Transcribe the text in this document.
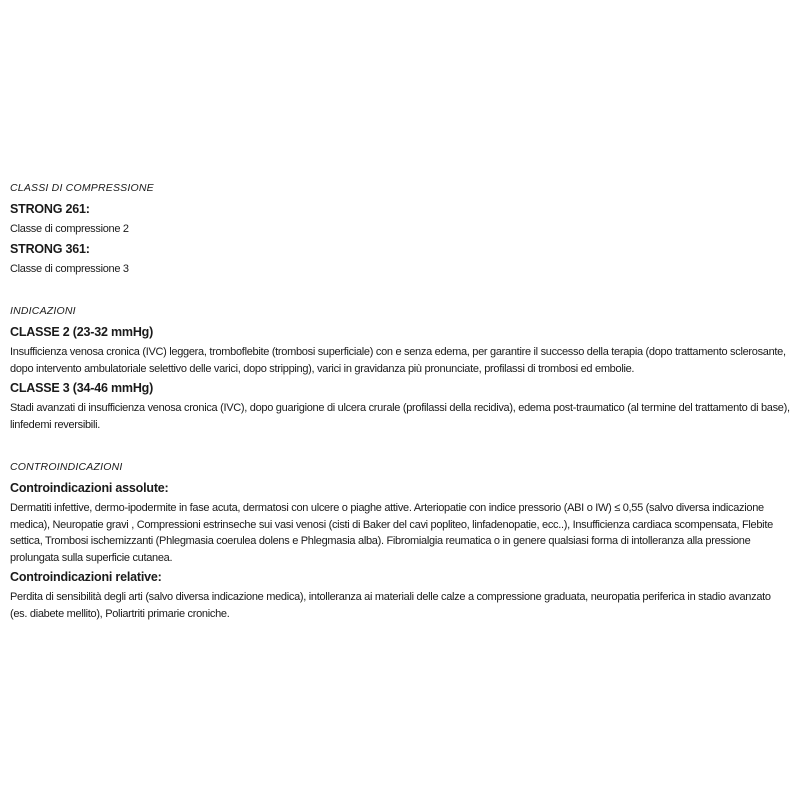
CLASSI DI COMPRESSIONE
STRONG 261:

Classe di compressione 2

STRONG 361:

Classe di compressione 3

INDICAZIONI
CLASSE 2 (23-32 mmHg)

Insufficienza venosa cronica (IVC) leggera, tromboflebite (trombosi superficiale) con e senza edema, per garantire il successo della terapia (dopo trattamento sclerosante, dopo intervento ambulatoriale selettivo delle varici, dopo stripping), varici in gravidanza più pronunciate, profilassi di trombosi ed embolie.

CLASSE 3 (34-46 mmHg)

Stadi avanzati di insufficienza venosa cronica (IVC), dopo guarigione di ulcera crurale (profilassi della recidiva), edema post-traumatico (al termine del trattamento di base), linfedemi reversibili.

CONTROINDICAZIONI
Controindicazioni assolute:

Dermatiti infettive, dermo-ipodermite in fase acuta, dermatosi con ulcere o piaghe attive. Arteriopatie con indice pressorio (ABI o IW) ≤ 0,55 (salvo diversa indicazione medica), Neuropatie gravi , Compressioni estrinseche sui vasi venosi (cisti di Baker del cavi popliteo, linfadenopatie, ecc..), Insufficienza cardiaca scompensata, Flebite settica, Trombosi ischemizzanti (Phlegmasia coerulea dolens e Phlegmasia alba). Fibromialgia reumatica o in genere qualsiasi forma di intolleranza alla pressione prolungata sulla superficie cutanea.

Controindicazioni relative:

Perdita di sensibilità degli arti (salvo diversa indicazione medica), intolleranza ai materiali delle calze a compressione graduata, neuropatia periferica in stadio avanzato (es. diabete mellito), Poliartriti primarie croniche.
